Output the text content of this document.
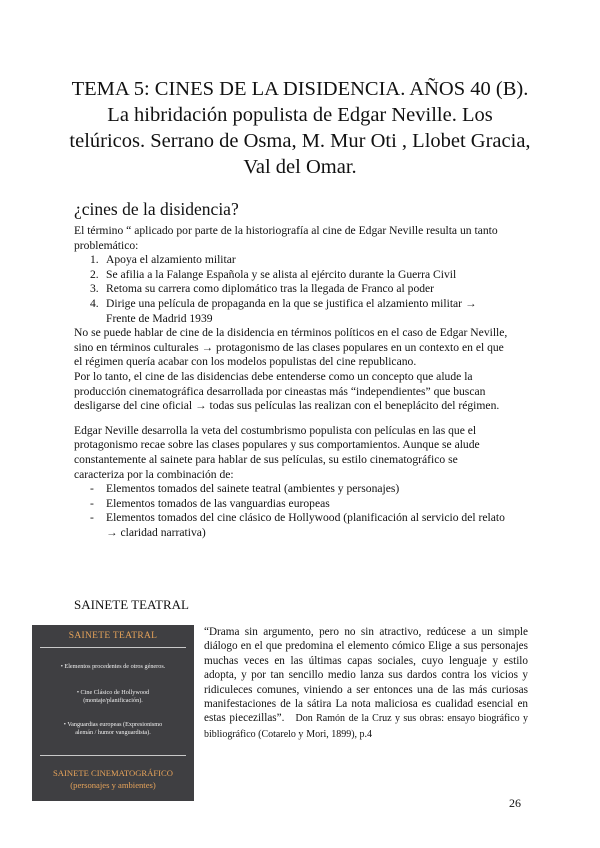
TEMA 5: CINES DE LA DISIDENCIA. AÑOS 40 (B).
La hibridación populista de Edgar Neville. Los
telúricos. Serrano de Osma, M. Mur Oti , Llobet Gracia,
Val del Omar.
¿cines de la disidencia?

El término “ aplicado por parte de la historiografía al cine de Edgar Neville resulta un tanto
problemático:

1. Apoya el alzamiento militar
2. Se afilia a la Falange Española y se alista al ejército durante la Guerra Civil
3. Retoma su carrera como diplomático tras la llegada de Franco al poder
4. Dirige una película de propaganda en la que se justifica el alzamiento militar →
Frente de Madrid 1939

No se puede hablar de cine de la disidencia en términos políticos en el caso de Edgar Neville,
sino en términos culturales → protagonismo de las clases populares en un contexto en el que
el régimen quería acabar con los modelos populistas del cine republicano.
Por lo tanto, el cine de las disidencias debe entenderse como un concepto que alude la
producción cinematográfica desarrollada por cineastas más “independientes” que buscan
desligarse del cine oficial → todas sus películas las realizan con el beneplácito del régimen.

Edgar Neville desarrolla la veta del costumbrismo populista con películas en las que el
protagonismo recae sobre las clases populares y sus comportamientos. Aunque se alude
constantemente al sainete para hablar de sus películas, su estilo cinematográfico se
caracteriza por la combinación de:

- Elementos tomados del sainete teatral (ambientes y personajes)
- Elementos tomados de las vanguardias europeas
- Elementos tomados del cine clásico de Hollywood (planificación al servicio del relato
→ claridad narrativa)
SAINETE TEATRAL
SAINETE TEATRAL
• Elementos procedentes de otros géneros.
• Cine Clásico de Hollywood
(montaje/planificación).
• Vanguardias europeas (Expresionismo
alemán / humor vanguardista).
SAINETE CINEMATOGRÁFICO
(personajes y ambientes)
“Drama sin argumento, pero no sin atractivo, redúcese a un simple diálogo en el que predomina el elemento cómico Elige a sus personajes muchas veces en las últimas capas sociales, cuyo lenguaje y estilo adopta, y por tan sencillo medio lanza sus dardos contra los vicios y ridiculeces comunes, viniendo a ser entonces una de las más curiosas manifestaciones de la sátira La nota maliciosa es cualidad esencial en estas piecezillas”. Don Ramón de la Cruz y sus obras: ensayo biográfico y bibliográfico (Cotarelo y Mori, 1899), p.4
26
